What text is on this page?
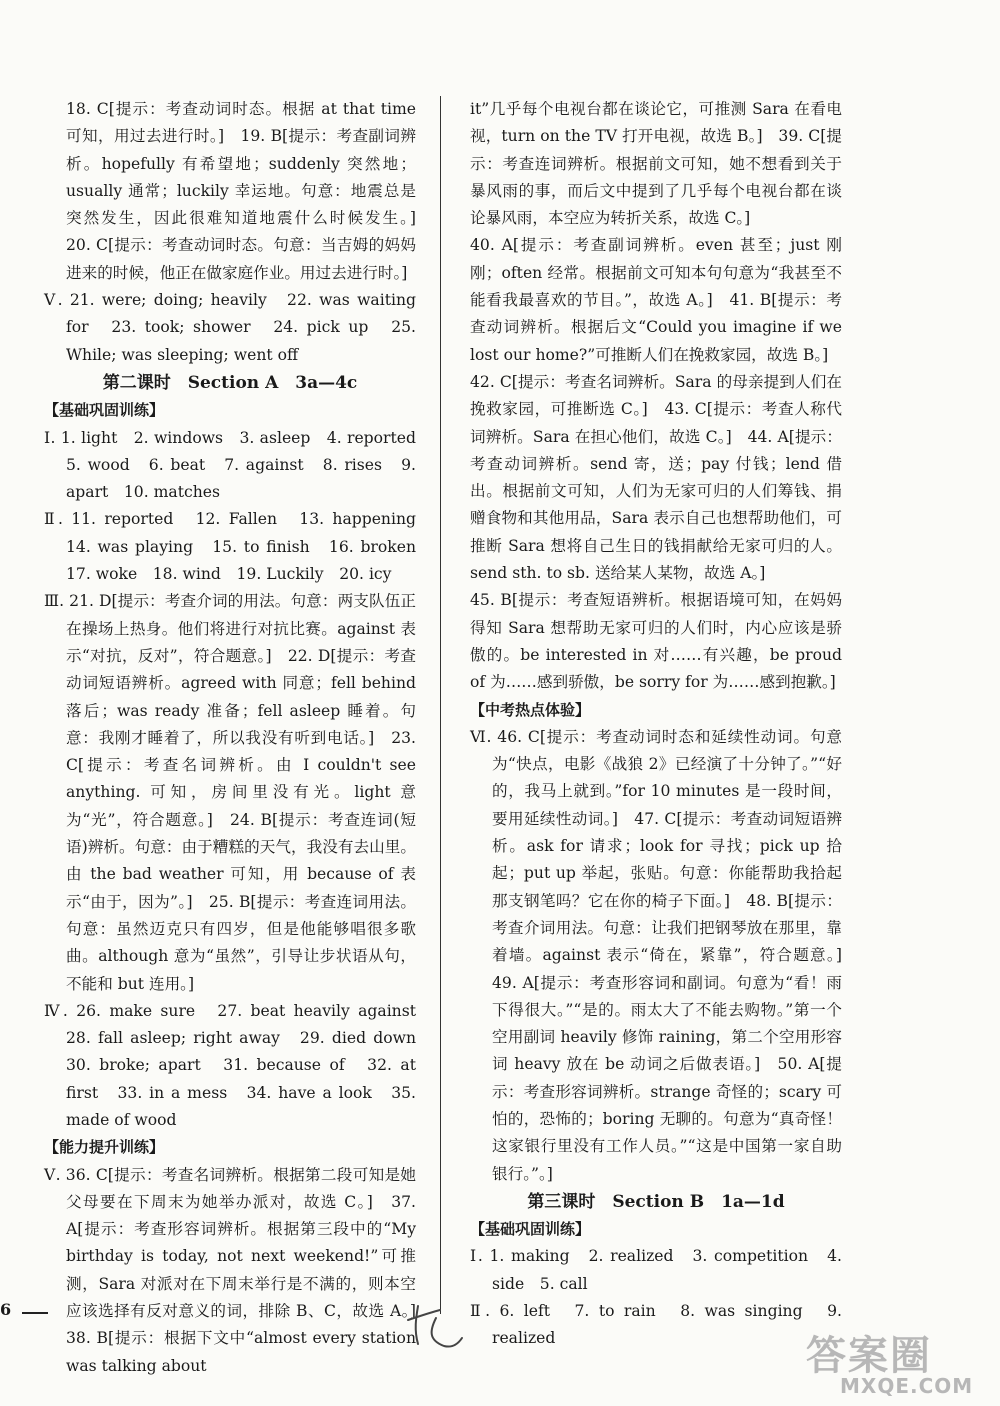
18. C[提示：考查动词时态。根据 at that time 可知，用过去进行时。]　19. B[提示：考查副词辨析。hopefully 有希望地；suddenly 突然地；usually 通常；luckily 幸运地。句意：地震总是突然发生，因此很难知道地震什么时候发生。]　20. C[提示：考查动词时态。句意：当吉姆的妈妈进来的时候，他正在做家庭作业。用过去进行时。]

Ⅴ. 21. were; doing; heavily　22. was waiting for　23. took; shower　24. pick up　25. While; was sleeping; went off

第二课时　Section A　3a—4c
【基础巩固训练】

Ⅰ. 1. light　2. windows　3. asleep　4. reported　5. wood　6. beat　7. against　8. rises　9. apart　10. matches

Ⅱ. 11. reported　12. Fallen　13. happening　14. was playing　15. to finish　16. broken　17. woke　18. wind　19. Luckily　20. icy

Ⅲ. 21. D[提示：考查介词的用法。句意：两支队伍正在操场上热身。他们将进行对抗比赛。against 表示“对抗，反对”，符合题意。]　22. D[提示：考查动词短语辨析。agreed with 同意；fell behind 落后；was ready 准备；fell asleep 睡着。句意：我刚才睡着了，所以我没有听到电话。]　23. C[提示：考查名词辨析。由 I couldn't see anything. 可知，房间里没有光。light 意为“光”，符合题意。]　24. B[提示：考查连词(短语)辨析。句意：由于糟糕的天气，我没有去山里。由 the bad weather 可知，用 because of 表示“由于，因为”。]　25. B[提示：考查连词用法。句意：虽然迈克只有四岁，但是他能够唱很多歌曲。although 意为“虽然”，引导让步状语从句，不能和 but 连用。]

Ⅳ. 26. make sure　27. beat heavily against　28. fall asleep; right away　29. died down　30. broke; apart　31. because of　32. at first　33. in a mess　34. have a look　35. made of wood

【能力提升训练】

Ⅴ. 36. C[提示：考查名词辨析。根据第二段可知是她父母要在下周末为她举办派对，故选 C。]　37. A[提示：考查形容词辨析。根据第三段中的“My birthday is today, not next weekend!”可推测，Sara 对派对在下周末举行是不满的，则本空应该选择有反对意义的词，排除 B、C，故选 A。]　38. B[提示：根据下文中“almost every station was talking about

it”几乎每个电视台都在谈论它，可推测 Sara 在看电视，turn on the TV 打开电视，故选 B。]　39. C[提示：考查连词辨析。根据前文可知，她不想看到关于暴风雨的事，而后文中提到了几乎每个电视台都在谈论暴风雨，本空应为转折关系，故选 C。]

40. A[提示：考查副词辨析。even 甚至；just 刚刚；often 经常。根据前文可知本句句意为“我甚至不能看我最喜欢的节目。”，故选 A。]　41. B[提示：考查动词辨析。根据后文“Could you imagine if we lost our home?”可推断人们在挽救家园，故选 B。]

42. C[提示：考查名词辨析。Sara 的母亲提到人们在挽救家园，可推断选 C。]　43. C[提示：考查人称代词辨析。Sara 在担心他们，故选 C。]　44. A[提示：考查动词辨析。send 寄，送；pay 付钱；lend 借出。根据前文可知，人们为无家可归的人们筹钱、捐赠食物和其他用品，Sara 表示自己也想帮助他们，可推断 Sara 想将自己生日的钱捐献给无家可归的人。send sth. to sb. 送给某人某物，故选 A。]

45. B[提示：考查短语辨析。根据语境可知，在妈妈得知 Sara 想帮助无家可归的人们时，内心应该是骄傲的。be interested in 对……有兴趣，be proud of 为……感到骄傲，be sorry for 为……感到抱歉。]

【中考热点体验】

Ⅵ. 46. C[提示：考查动词时态和延续性动词。句意为“快点，电影《战狼 2》已经演了十分钟了。”“好的，我马上就到。”for 10 minutes 是一段时间，要用延续性动词。]　47. C[提示：考查动词短语辨析。ask for 请求；look for 寻找；pick up 拾起；put up 举起，张贴。句意：你能帮助我拾起那支钢笔吗？它在你的椅子下面。]　48. B[提示：考查介词用法。句意：让我们把钢琴放在那里，靠着墙。against 表示“倚在，紧靠”，符合题意。]　49. A[提示：考查形容词和副词。句意为“看！雨下得很大。”“是的。雨太大了不能去购物。”第一个空用副词 heavily 修饰 raining，第二个空用形容词 heavy 放在 be 动词之后做表语。]　50. A[提示：考查形容词辨析。strange 奇怪的；scary 可怕的，恐怖的；boring 无聊的。句意为“真奇怪！这家银行里没有工作人员。”“这是中国第一家自助银行。”。]

第三课时　Section B　1a—1d
【基础巩固训练】

Ⅰ. 1. making　2. realized　3. competition　4. side　5. call

Ⅱ. 6. left　7. to rain　8. was singing　9. realized

6
答案圈
MXQE.COM
